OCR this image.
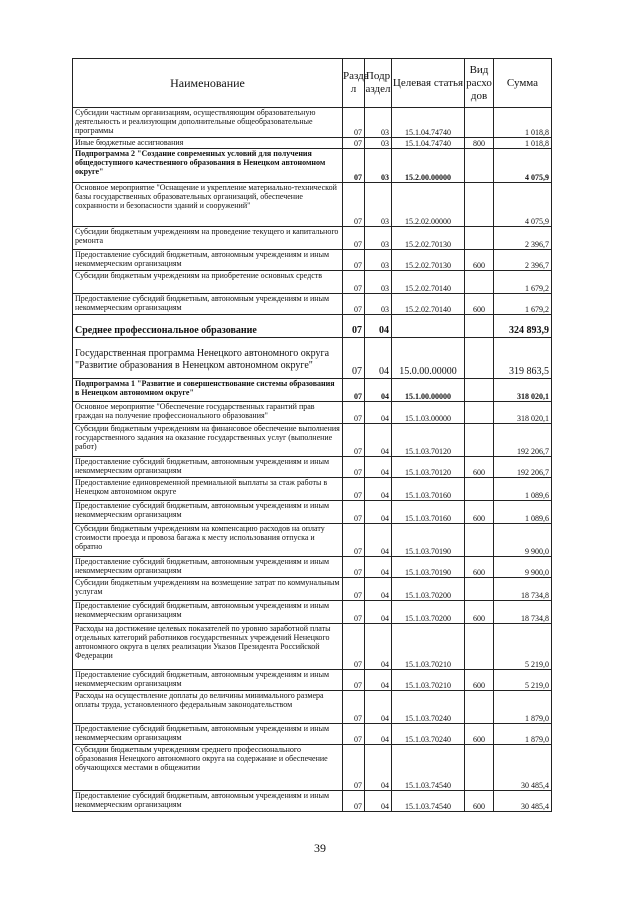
Наименование	Разде л	Подр аздел	Целевая статья	Вид расхо дов	Сумма
Субсидии частным организациям, осуществляющим образовательную деятельность и реализующим дополнительные общеобразовательные программы	07	03	15.1.04.74740		1 018,8
Иные бюджетные ассигнования	07	03	15.1.04.74740	800	1 018,8
Подпрограмма 2 "Создание современных условий для получения общедоступного качественного образования в Ненецком автономном округе"	07	03	15.2.00.00000		4 075,9
Основное мероприятие "Оснащение и укрепление материально-технической базы государственных образовательных организаций, обеспечение сохранности и безопасности зданий и сооружений"	07	03	15.2.02.00000		4 075,9
Субсидии бюджетным учреждениям на проведение текущего и капитального ремонта	07	03	15.2.02.70130		2 396,7
Предоставление субсидий бюджетным, автономным учреждениям и иным некоммерческим организациям	07	03	15.2.02.70130	600	2 396,7
Субсидии бюджетным учреждениям на приобретение основных средств	07	03	15.2.02.70140		1 679,2
Предоставление субсидий бюджетным, автономным учреждениям и иным некоммерческим организациям	07	03	15.2.02.70140	600	1 679,2
Среднее профессиональное образование	07	04			324 893,9
Государственная программа Ненецкого автономного округа "Развитие образования в Ненецком автономном округе"	07	04	15.0.00.00000		319 863,5
Подпрограмма 1 "Развитие и совершенствование системы образования в Ненецком автономном округе"	07	04	15.1.00.00000		318 020,1
Основное мероприятие "Обеспечение государственных гарантий прав граждан на получение профессионального образования"	07	04	15.1.03.00000		318 020,1
Субсидии бюджетным учреждениям на финансовое обеспечение выполнения государственного задания на оказание государственных услуг (выполнение работ)	07	04	15.1.03.70120		192 206,7
Предоставление субсидий бюджетным, автономным учреждениям и иным некоммерческим организациям	07	04	15.1.03.70120	600	192 206,7
Предоставление единовременной премиальной выплаты за стаж работы в Ненецком автономном округе	07	04	15.1.03.70160		1 089,6
Предоставление субсидий бюджетным, автономным учреждениям и иным некоммерческим организациям	07	04	15.1.03.70160	600	1 089,6
Субсидии бюджетным учреждениям на компенсацию расходов на оплату стоимости проезда и провоза багажа к месту использования отпуска и обратно	07	04	15.1.03.70190		9 900,0
Предоставление субсидий бюджетным, автономным учреждениям и иным некоммерческим организациям	07	04	15.1.03.70190	600	9 900,0
Субсидии бюджетным учреждениям на возмещение затрат по коммунальным услугам	07	04	15.1.03.70200		18 734,8
Предоставление субсидий бюджетным, автономным учреждениям и иным некоммерческим организациям	07	04	15.1.03.70200	600	18 734,8
Расходы на достижение целевых показателей по уровню заработной платы отдельных категорий работников государственных учреждений Ненецкого автономного округа в целях реализации Указов Президента Российской Федерации	07	04	15.1.03.70210		5 219,0
Предоставление субсидий бюджетным, автономным учреждениям и иным некоммерческим организациям	07	04	15.1.03.70210	600	5 219,0
Расходы на осуществление доплаты до величины минимального размера оплаты труда, установленного федеральным законодательством	07	04	15.1.03.70240		1 879,0
Предоставление субсидий бюджетным, автономным учреждениям и иным некоммерческим организациям	07	04	15.1.03.70240	600	1 879,0
Субсидии бюджетным учреждениям среднего профессионального образования Ненецкого автономного округа на содержание и обеспечение обучающихся местами в общежитии	07	04	15.1.03.74540		30 485,4
Предоставление субсидий бюджетным, автономным учреждениям и иным некоммерческим организациям	07	04	15.1.03.74540	600	30 485,4
39
